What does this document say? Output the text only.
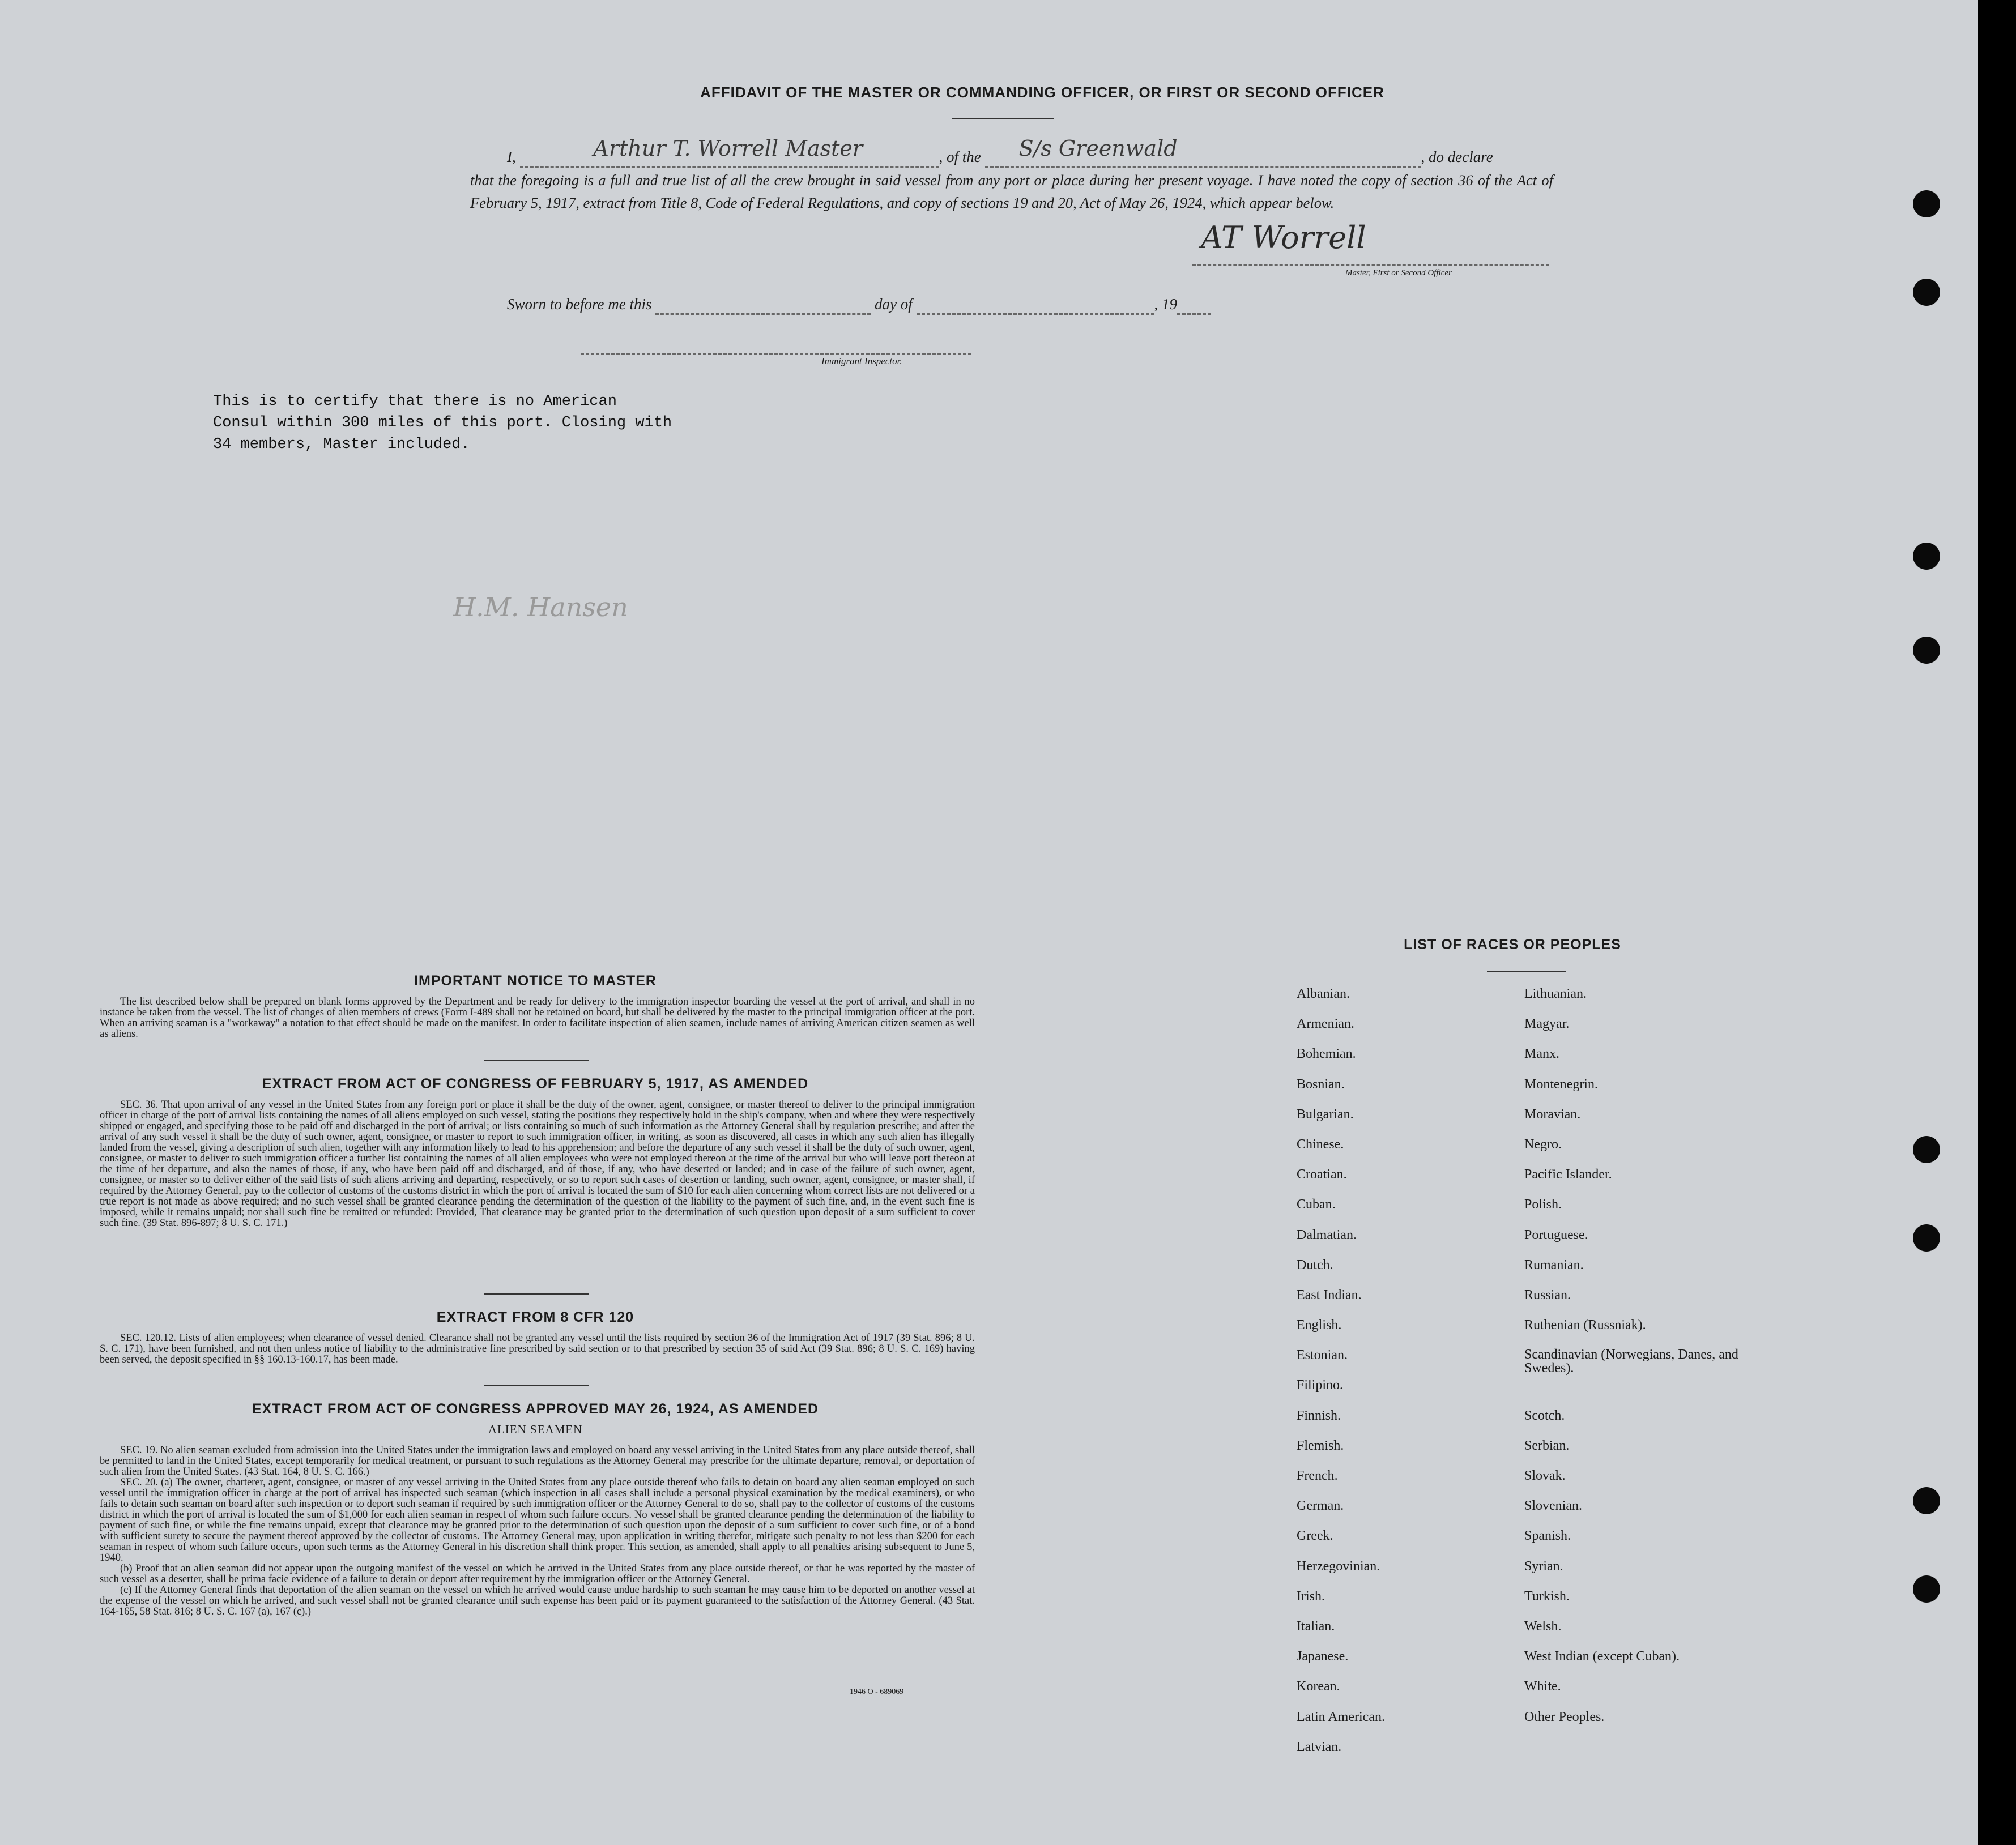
AFFIDAVIT OF THE MASTER OR COMMANDING OFFICER, OR FIRST OR SECOND OFFICER
I,	Arthur T. Worrell Master	, of the S/s Greenwald	, do declare
that the foregoing is a full and true list of all the crew brought in said vessel from any port or place during her present voyage. I have noted the copy of section 36 of the Act of February 5, 1917, extract from Title 8, Code of Federal Regulations, and copy of sections 19 and 20, Act of May 26, 1924, which appear below.
AT Worrell
Master, First or Second Officer
Sworn to before me this	day of	, 19
Immigrant Inspector.
This is to certify that there is no American
Consul within 300 miles of this port. Closing with
34 members, Master included.
H.M. Hansen
IMPORTANT NOTICE TO MASTER

The list described below shall be prepared on blank forms approved by the Department and be ready for delivery to the immigration inspector boarding the vessel at the port of arrival, and shall in no instance be taken from the vessel. The list of changes of alien members of crews (Form I-489 shall not be retained on board, but shall be delivered by the master to the principal immigration officer at the port. When an arriving seaman is a "workaway" a notation to that effect should be made on the manifest. In order to facilitate inspection of alien seamen, include names of arriving American citizen seamen as well as aliens.

EXTRACT FROM ACT OF CONGRESS OF FEBRUARY 5, 1917, AS AMENDED

SEC. 36. That upon arrival of any vessel in the United States from any foreign port or place it shall be the duty of the owner, agent, consignee, or master thereof to deliver to the principal immigration officer in charge of the port of arrival lists containing the names of all aliens employed on such vessel, stating the positions they respectively hold in the ship's company, when and where they were respectively shipped or engaged, and specifying those to be paid off and discharged in the port of arrival; or lists containing so much of such information as the Attorney General shall by regulation prescribe; and after the arrival of any such vessel it shall be the duty of such owner, agent, consignee, or master to report to such immigration officer, in writing, as soon as discovered, all cases in which any such alien has illegally landed from the vessel, giving a description of such alien, together with any information likely to lead to his apprehension; and before the departure of any such vessel it shall be the duty of such owner, agent, consignee, or master to deliver to such immigration officer a further list containing the names of all alien employees who were not employed thereon at the time of the arrival but who will leave port thereon at the time of her departure, and also the names of those, if any, who have been paid off and discharged, and of those, if any, who have deserted or landed; and in case of the failure of such owner, agent, consignee, or master so to deliver either of the said lists of such aliens arriving and departing, respectively, or so to report such cases of desertion or landing, such owner, agent, consignee, or master shall, if required by the Attorney General, pay to the collector of customs of the customs district in which the port of arrival is located the sum of $10 for each alien concerning whom correct lists are not delivered or a true report is not made as above required; and no such vessel shall be granted clearance pending the determination of the question of the liability to the payment of such fine, and, in the event such fine is imposed, while it remains unpaid; nor shall such fine be remitted or refunded: Provided, That clearance may be granted prior to the determination of such question upon deposit of a sum sufficient to cover such fine. (39 Stat. 896-897; 8 U. S. C. 171.)

EXTRACT FROM 8 CFR 120

SEC. 120.12. Lists of alien employees; when clearance of vessel denied. Clearance shall not be granted any vessel until the lists required by section 36 of the Immigration Act of 1917 (39 Stat. 896; 8 U. S. C. 171), have been furnished, and not then unless notice of liability to the administrative fine prescribed by said section or to that prescribed by section 35 of said Act (39 Stat. 896; 8 U. S. C. 169) having been served, the deposit specified in §§ 160.13-160.17, has been made.

EXTRACT FROM ACT OF CONGRESS APPROVED MAY 26, 1924, AS AMENDED
ALIEN SEAMEN

SEC. 19. No alien seaman excluded from admission into the United States under the immigration laws and employed on board any vessel arriving in the United States from any place outside thereof, shall be permitted to land in the United States, except temporarily for medical treatment, or pursuant to such regulations as the Attorney General may prescribe for the ultimate departure, removal, or deportation of such alien from the United States. (43 Stat. 164, 8 U. S. C. 166.)

SEC. 20. (a) The owner, charterer, agent, consignee, or master of any vessel arriving in the United States from any place outside thereof who fails to detain on board any alien seaman employed on such vessel until the immigration officer in charge at the port of arrival has inspected such seaman (which inspection in all cases shall include a personal physical examination by the medical examiners), or who fails to detain such seaman on board after such inspection or to deport such seaman if required by such immigration officer or the Attorney General to do so, shall pay to the collector of customs of the customs district in which the port of arrival is located the sum of $1,000 for each alien seaman in respect of whom such failure occurs. No vessel shall be granted clearance pending the determination of the liability to payment of such fine, or while the fine remains unpaid, except that clearance may be granted prior to the determination of such question upon the deposit of a sum sufficient to cover such fine, or of a bond with sufficient surety to secure the payment thereof approved by the collector of customs. The Attorney General may, upon application in writing therefor, mitigate such penalty to not less than $200 for each seaman in respect of whom such failure occurs, upon such terms as the Attorney General in his discretion shall think proper. This section, as amended, shall apply to all penalties arising subsequent to June 5, 1940.

(b) Proof that an alien seaman did not appear upon the outgoing manifest of the vessel on which he arrived in the United States from any place outside thereof, or that he was reported by the master of such vessel as a deserter, shall be prima facie evidence of a failure to detain or deport after requirement by the immigration officer or the Attorney General.

(c) If the Attorney General finds that deportation of the alien seaman on the vessel on which he arrived would cause undue hardship to such seaman he may cause him to be deported on another vessel at the expense of the vessel on which he arrived, and such vessel shall not be granted clearance until such expense has been paid or its payment guaranteed to the satisfaction of the Attorney General. (43 Stat. 164-165, 58 Stat. 816; 8 U. S. C. 167 (a), 167 (c).)

1946 O - 689069
LIST OF RACES OR PEOPLES
Albanian.
Armenian.
Bohemian.
Bosnian.
Bulgarian.
Chinese.
Croatian.
Cuban.
Dalmatian.
Dutch.
East Indian.
English.
Estonian.
Filipino.
Finnish.
Flemish.
French.
German.
Greek.
Herzegovinian.
Irish.
Italian.
Japanese.
Korean.
Latin American.
Latvian.
Lithuanian.
Magyar.
Manx.
Montenegrin.
Moravian.
Negro.
Pacific Islander.
Polish.
Portuguese.
Rumanian.
Russian.
Ruthenian (Russniak).
Scandinavian (Norwegians, Danes, and Swedes).
Scotch.
Serbian.
Slovak.
Slovenian.
Spanish.
Syrian.
Turkish.
Welsh.
West Indian (except Cuban).
White.
Other Peoples.
